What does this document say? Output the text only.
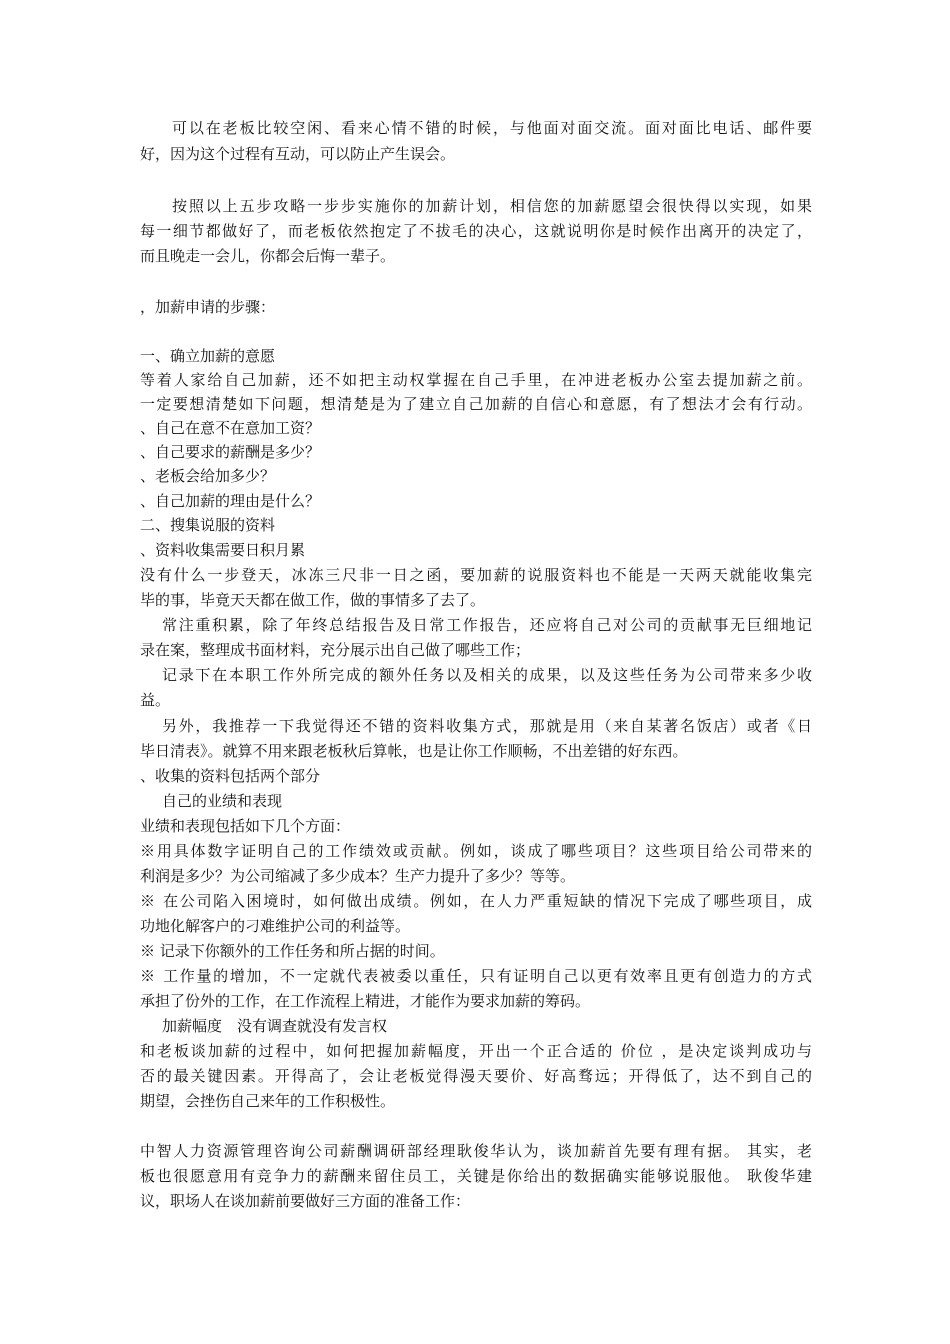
可以在老板比较空闲、看来心情不错的时候，与他面对面交流。面对面比电话、邮件要
好，因为这个过程有互动，可以防止产生误会。
按照以上五步攻略一步步实施你的加薪计划，相信您的加薪愿望会很快得以实现，如果
每一细节都做好了，而老板依然抱定了不拔毛的决心，这就说明你是时候作出离开的决定了，
而且晚走一会儿，你都会后悔一辈子。
，加薪申请的步骤：
一、确立加薪的意愿
等着人家给自己加薪，还不如把主动权掌握在自己手里，在冲进老板办公室去提加薪之前。
一定要想清楚如下问题，想清楚是为了建立自己加薪的自信心和意愿，有了想法才会有行动。
、自己在意不在意加工资？
、自己要求的薪酬是多少？
、老板会给加多少？
、自己加薪的理由是什么？
二、搜集说服的资料
、资料收集需要日积月累
没有什么一步登天，冰冻三尺非一日之函，要加薪的说服资料也不能是一天两天就能收集完
毕的事，毕竟天天都在做工作，做的事情多了去了。
常注重积累，除了年终总结报告及日常工作报告，还应将自己对公司的贡献事无巨细地记
录在案，整理成书面材料，充分展示出自己做了哪些工作；
记录下在本职工作外所完成的额外任务以及相关的成果，以及这些任务为公司带来多少收
益。
另外，我推荐一下我觉得还不错的资料收集方式，那就是用（来自某著名饭店）或者《日
毕日清表》。就算不用来跟老板秋后算帐，也是让你工作顺畅，不出差错的好东西。
、收集的资料包括两个部分
自己的业绩和表现
业绩和表现包括如下几个方面：
※用具体数字证明自己的工作绩效或贡献。例如，谈成了哪些项目？这些项目给公司带来的
利润是多少？为公司缩减了多少成本？生产力提升了多少？等等。
※ 在公司陷入困境时，如何做出成绩。例如，在人力严重短缺的情况下完成了哪些项目，成
功地化解客户的刁难维护公司的利益等。
※ 记录下你额外的工作任务和所占据的时间。
※ 工作量的增加，不一定就代表被委以重任，只有证明自己以更有效率且更有创造力的方式
承担了份外的工作，在工作流程上精进，才能作为要求加薪的筹码。
加薪幅度　没有调查就没有发言权
和老板谈加薪的过程中，如何把握加薪幅度，开出一个正合适的 价位 ，是决定谈判成功与
否的最关键因素。开得高了，会让老板觉得漫天要价、好高骛远；开得低了，达不到自己的
期望，会挫伤自己来年的工作积极性。
中智人力资源管理咨询公司薪酬调研部经理耿俊华认为，谈加薪首先要有理有据。 其实，老
板也很愿意用有竞争力的薪酬来留住员工，关键是你给出的数据确实能够说服他。 耿俊华建
议，职场人在谈加薪前要做好三方面的准备工作：
